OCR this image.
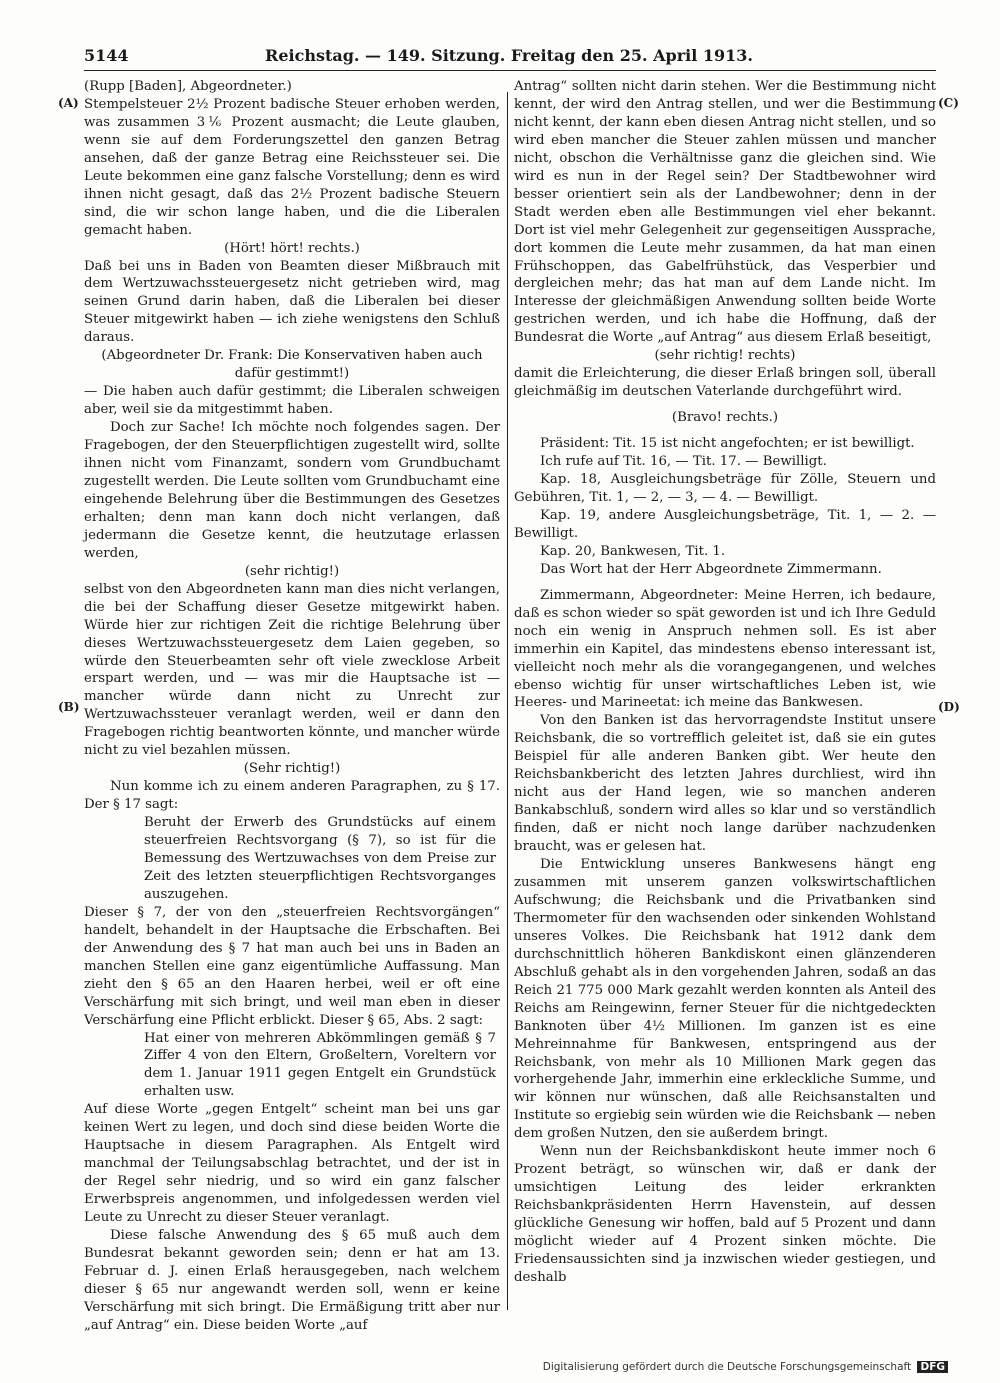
5144	Reichstag. — 149. Sitzung. Freitag den 25. April 1913.
(A)
(B)
(C)
(D)

(Rupp [Baden], Abgeordneter.)

Stempelsteuer 2½ Prozent badische Steuer erhoben werden, was zusammen 3⅙ Prozent ausmacht; die Leute glauben, wenn sie auf dem Forderungszettel den ganzen Betrag ansehen, daß der ganze Betrag eine Reichssteuer sei. Die Leute bekommen eine ganz falsche Vorstellung; denn es wird ihnen nicht gesagt, daß das 2½ Prozent badische Steuern sind, die wir schon lange haben, und die die Liberalen gemacht haben.

(Hört! hört! rechts.)

Daß bei uns in Baden von Beamten dieser Mißbrauch mit dem Wertzuwachssteuergesetz nicht getrieben wird, mag seinen Grund darin haben, daß die Liberalen bei dieser Steuer mitgewirkt haben — ich ziehe wenigstens den Schluß daraus.

(Abgeordneter Dr. Frank: Die Konservativen haben auch dafür gestimmt!)

— Die haben auch dafür gestimmt; die Liberalen schweigen aber, weil sie da mitgestimmt haben.

Doch zur Sache! Ich möchte noch folgendes sagen. Der Fragebogen, der den Steuerpflichtigen zugestellt wird, sollte ihnen nicht vom Finanzamt, sondern vom Grundbuchamt zugestellt werden. Die Leute sollten vom Grundbuchamt eine eingehende Belehrung über die Bestimmungen des Gesetzes erhalten; denn man kann doch nicht verlangen, daß jedermann die Gesetze kennt, die heutzutage erlassen werden,

(sehr richtig!)

selbst von den Abgeordneten kann man dies nicht verlangen, die bei der Schaffung dieser Gesetze mitgewirkt haben. Würde hier zur richtigen Zeit die richtige Belehrung über dieses Wertzuwachssteuergesetz dem Laien gegeben, so würde den Steuerbeamten sehr oft viele zwecklose Arbeit erspart werden, und — was mir die Hauptsache ist — mancher würde dann nicht zu Unrecht zur Wertzuwachssteuer veranlagt werden, weil er dann den Fragebogen richtig beantworten könnte, und mancher würde nicht zu viel bezahlen müssen.

(Sehr richtig!)

Nun komme ich zu einem anderen Paragraphen, zu § 17. Der § 17 sagt:

Beruht der Erwerb des Grundstücks auf einem steuerfreien Rechtsvorgang (§ 7), so ist für die Bemessung des Wertzuwachses von dem Preise zur Zeit des letzten steuerpflichtigen Rechtsvorganges auszugehen.

Dieser § 7, der von den „steuerfreien Rechtsvorgängen“ handelt, behandelt in der Hauptsache die Erbschaften. Bei der Anwendung des § 7 hat man auch bei uns in Baden an manchen Stellen eine ganz eigentümliche Auffassung. Man zieht den § 65 an den Haaren herbei, weil er oft eine Verschärfung mit sich bringt, und weil man eben in dieser Verschärfung eine Pflicht erblickt. Dieser § 65, Abs. 2 sagt:

Hat einer von mehreren Abkömmlingen gemäß § 7 Ziffer 4 von den Eltern, Großeltern, Voreltern vor dem 1. Januar 1911 gegen Entgelt ein Grundstück erhalten usw.

Auf diese Worte „gegen Entgelt“ scheint man bei uns gar keinen Wert zu legen, und doch sind diese beiden Worte die Hauptsache in diesem Paragraphen. Als Entgelt wird manchmal der Teilungsabschlag betrachtet, und der ist in der Regel sehr niedrig, und so wird ein ganz falscher Erwerbspreis angenommen, und infolgedessen werden viel Leute zu Unrecht zu dieser Steuer veranlagt.

Diese falsche Anwendung des § 65 muß auch dem Bundesrat bekannt geworden sein; denn er hat am 13. Februar d. J. einen Erlaß herausgegeben, nach welchem dieser § 65 nur angewandt werden soll, wenn er keine Verschärfung mit sich bringt. Die Ermäßigung tritt aber nur „auf Antrag“ ein. Diese beiden Worte „auf

Antrag“ sollten nicht darin stehen. Wer die Bestimmung nicht kennt, der wird den Antrag stellen, und wer die Bestimmung nicht kennt, der kann eben diesen Antrag nicht stellen, und so wird eben mancher die Steuer zahlen müssen und mancher nicht, obschon die Verhältnisse ganz die gleichen sind. Wie wird es nun in der Regel sein? Der Stadtbewohner wird besser orientiert sein als der Landbewohner; denn in der Stadt werden eben alle Bestimmungen viel eher bekannt. Dort ist viel mehr Gelegenheit zur gegenseitigen Aussprache, dort kommen die Leute mehr zusammen, da hat man einen Frühschoppen, das Gabelfrühstück, das Vesperbier und dergleichen mehr; das hat man auf dem Lande nicht. Im Interesse der gleichmäßigen Anwendung sollten beide Worte gestrichen werden, und ich habe die Hoffnung, daß der Bundesrat die Worte „auf Antrag“ aus diesem Erlaß beseitigt,

(sehr richtig! rechts)

damit die Erleichterung, die dieser Erlaß bringen soll, überall gleichmäßig im deutschen Vaterlande durchgeführt wird.

(Bravo! rechts.)

Präsident: Tit. 15 ist nicht angefochten; er ist bewilligt.

Ich rufe auf Tit. 16, — Tit. 17. — Bewilligt.

Kap. 18, Ausgleichungsbeträge für Zölle, Steuern und Gebühren, Tit. 1, — 2, — 3, — 4. — Bewilligt.

Kap. 19, andere Ausgleichungsbeträge, Tit. 1, — 2. — Bewilligt.

Kap. 20, Bankwesen, Tit. 1.

Das Wort hat der Herr Abgeordnete Zimmermann.

Zimmermann, Abgeordneter: Meine Herren, ich bedaure, daß es schon wieder so spät geworden ist und ich Ihre Geduld noch ein wenig in Anspruch nehmen soll. Es ist aber immerhin ein Kapitel, das mindestens ebenso interessant ist, vielleicht noch mehr als die vorangegangenen, und welches ebenso wichtig für unser wirtschaftliches Leben ist, wie Heeres- und Marineetat: ich meine das Bankwesen.

Von den Banken ist das hervorragendste Institut unsere Reichsbank, die so vortrefflich geleitet ist, daß sie ein gutes Beispiel für alle anderen Banken gibt. Wer heute den Reichsbankbericht des letzten Jahres durchliest, wird ihn nicht aus der Hand legen, wie so manchen anderen Bankabschluß, sondern wird alles so klar und so verständlich finden, daß er nicht noch lange darüber nachzudenken braucht, was er gelesen hat.

Die Entwicklung unseres Bankwesens hängt eng zusammen mit unserem ganzen volkswirtschaftlichen Aufschwung; die Reichsbank und die Privatbanken sind Thermometer für den wachsenden oder sinkenden Wohlstand unseres Volkes. Die Reichsbank hat 1912 dank dem durchschnittlich höheren Bankdiskont einen glänzenderen Abschluß gehabt als in den vorgehenden Jahren, sodaß an das Reich 21 775 000 Mark gezahlt werden konnten als Anteil des Reichs am Reingewinn, ferner Steuer für die nichtgedeckten Banknoten über 4½ Millionen. Im ganzen ist es eine Mehreinnahme für Bankwesen, entspringend aus der Reichsbank, von mehr als 10 Millionen Mark gegen das vorhergehende Jahr, immerhin eine erkleckliche Summe, und wir können nur wünschen, daß alle Reichsanstalten und Institute so ergiebig sein würden wie die Reichsbank — neben dem großen Nutzen, den sie außerdem bringt.

Wenn nun der Reichsbankdiskont heute immer noch 6 Prozent beträgt, so wünschen wir, daß er dank der umsichtigen Leitung des leider erkrankten Reichsbankpräsidenten Herrn Havenstein, auf dessen glückliche Genesung wir hoffen, bald auf 5 Prozent und dann möglicht wieder auf 4 Prozent sinken möchte. Die Friedensaussichten sind ja inzwischen wieder gestiegen, und deshalb

Digitalisierung gefördert durch die Deutsche Forschungsgemeinschaft DFG
